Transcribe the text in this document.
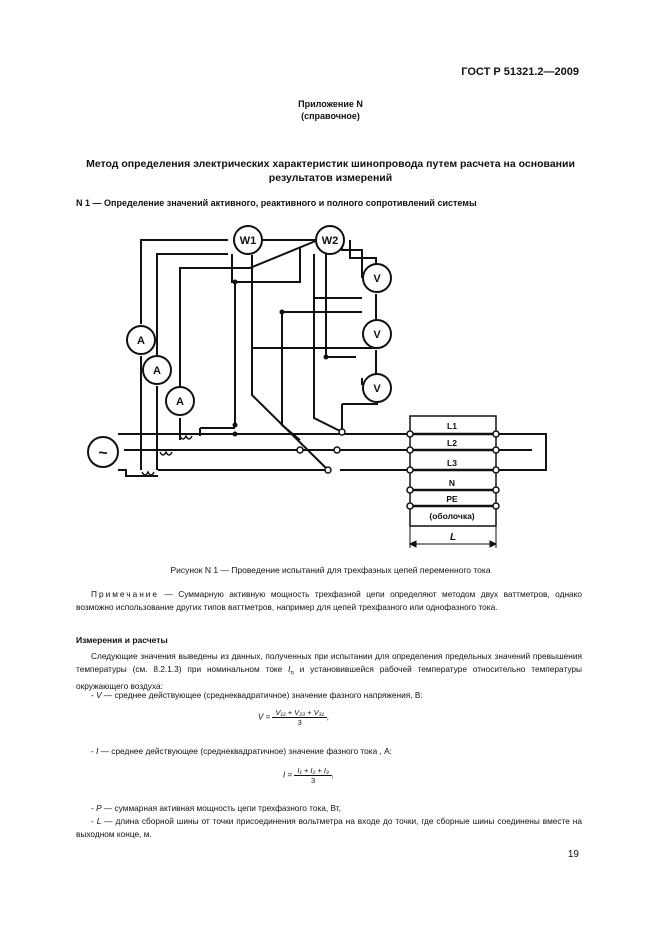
ГОСТ Р 51321.2—2009
Приложение N
(справочное)
Метод определения электрических характеристик шинопровода путем расчета на основании
результатов измерений
N 1 — Определение значений активного, реактивного и полного сопротивлений системы
W1	W2
V
V
V
A
A
A
~
L1
L2
L3
N
PE
(оболочка)
L
Рисунок N 1 — Проведение испытаний для трехфазных цепей переменного тока
Примечание — Суммарную активную мощность трехфазной цепи определяют методом двух ваттметров, однако возможно использование других типов ваттметров, например для цепей трехфазного или однофазного тока.
Измерения и расчеты
Следующие значения выведены из данных, полученных при испытании для определения предельных значений превышения температуры (см. 8.2.1.3) при номинальном токе $I_n$ и установившейся рабочей температуре относительно температуры окружающего воздуха:
- V — среднее действующее (среднеквадратичное) значение фазного напряжения, В:
$V = \frac{\text{V₁₂ + V₂₃ + V₃₁}}{3}$ ,
- I — среднее действующее (среднеквадратичное) значение фазного тока , А:
$I = \frac{\text{I₁ + I₂ + I₃}}{3}$ ,
- P — суммарная активная мощность цепи трехфазного тока, Вт,
- L — длина сборной шины от точки присоединения вольтметра на входе до точки, где сборные шины соединены вместе на выходном конце, м.
19
